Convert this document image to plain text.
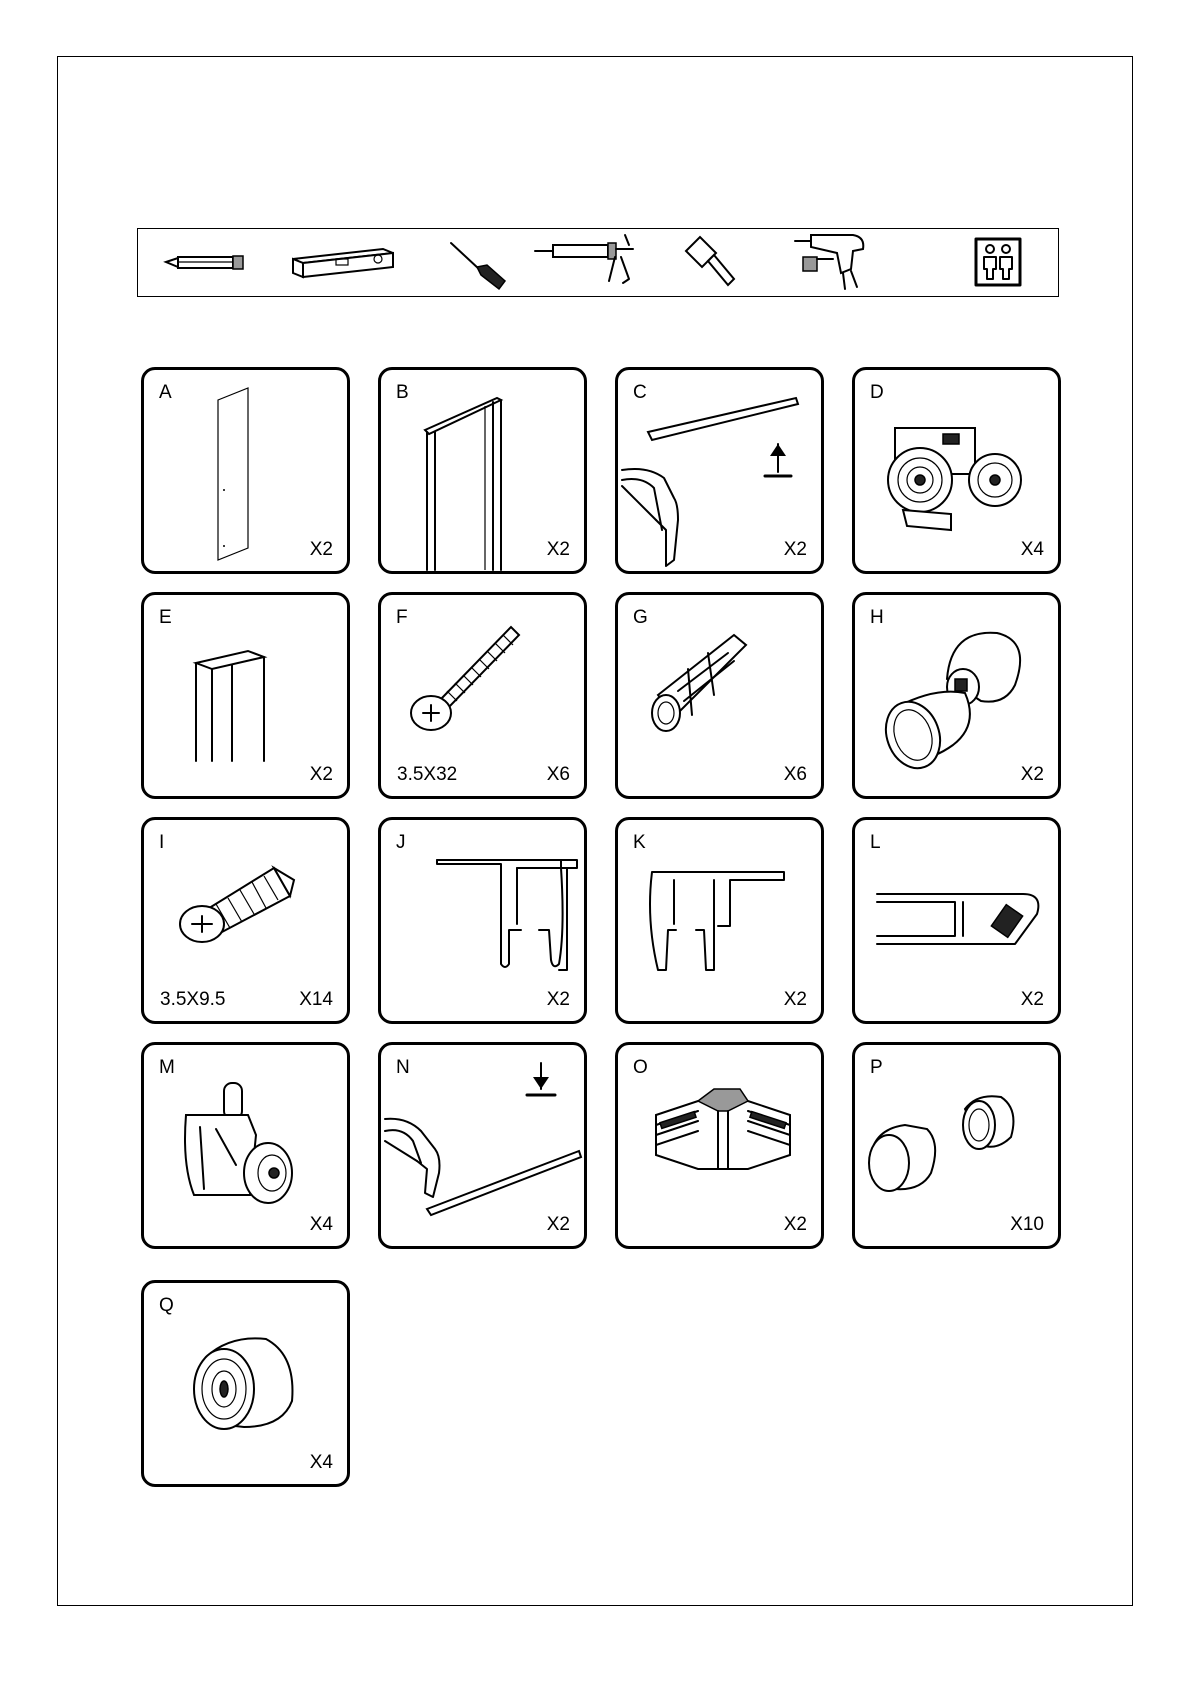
A
X2
B
X2
C
X2
D
X4
E
X2
F
3.5X32	X6
G
X6
H
X2
I
3.5X9.5	X14
J
X2
K
X2
L
X2
M
X4
N
X2
O
X2
P
X10
Q
X4
